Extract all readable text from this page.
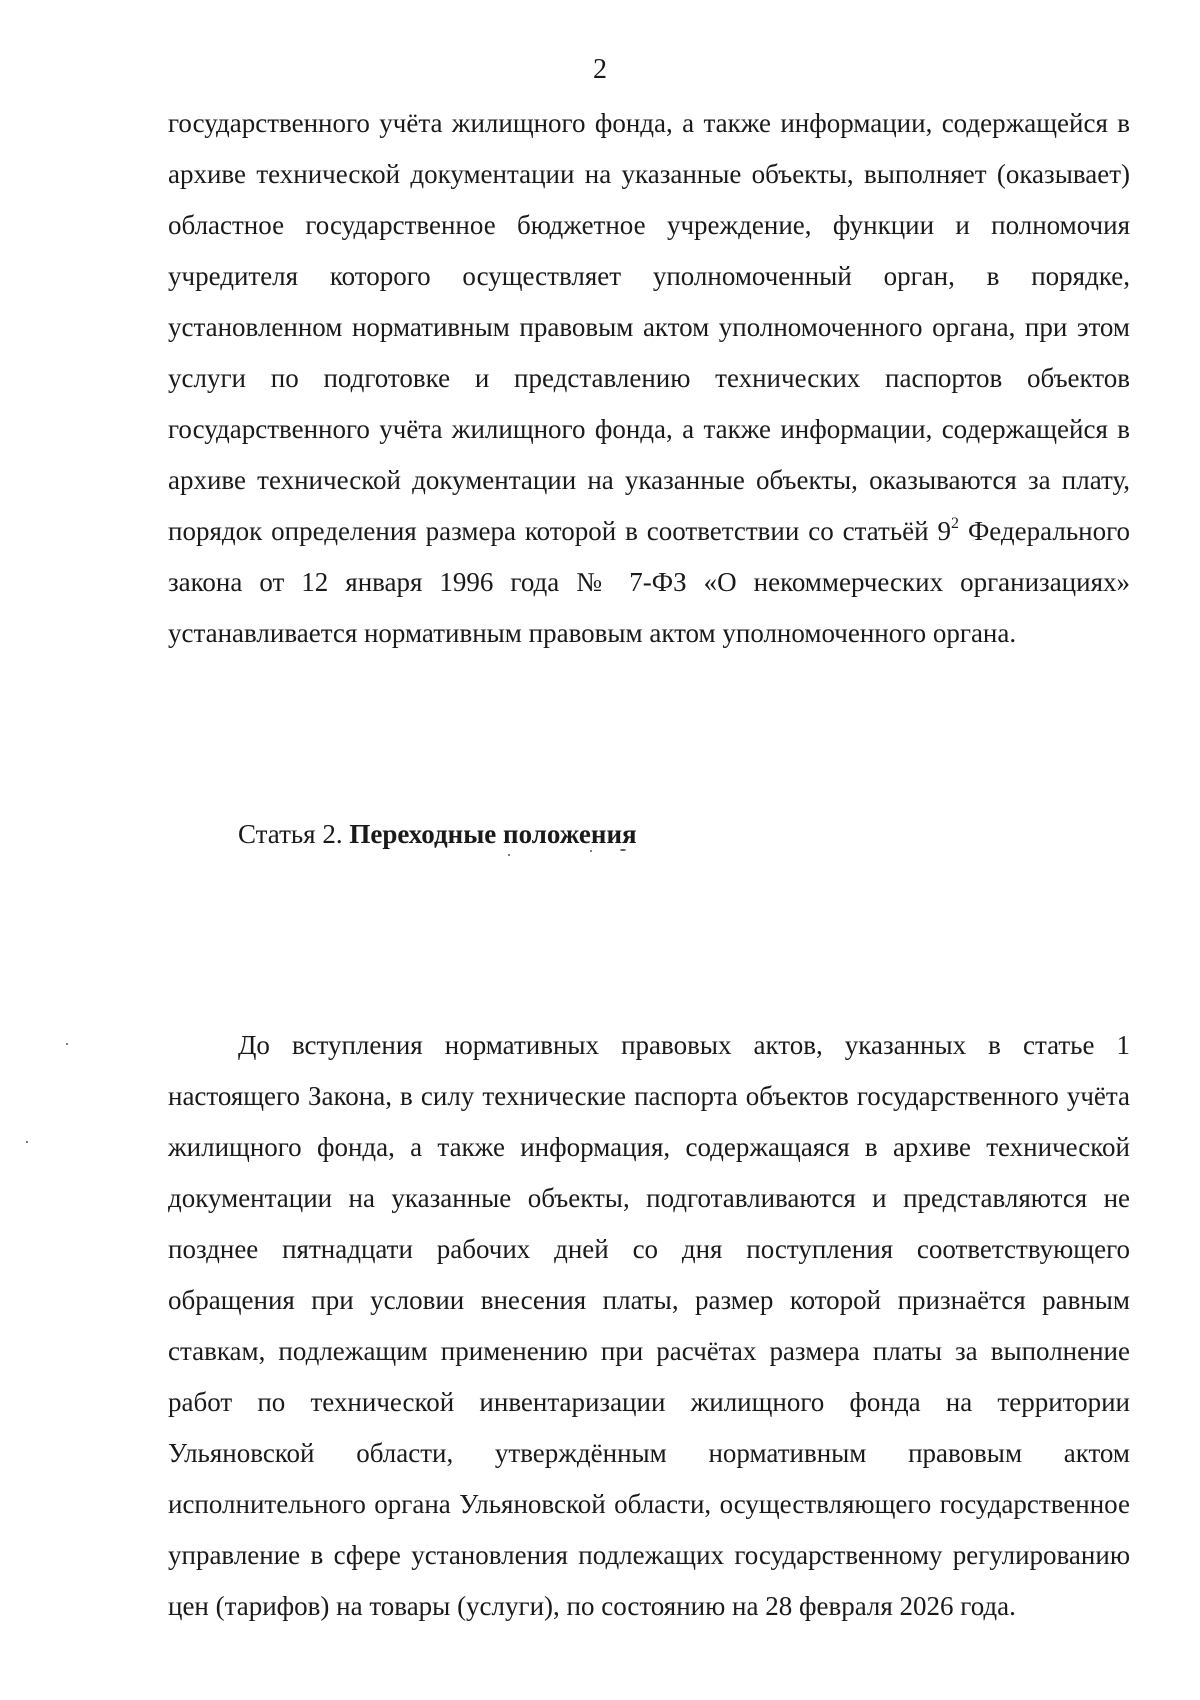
2

государственного учёта жилищного фонда, а также информации, содержащейся в архиве технической документации на указанные объекты, выполняет (оказывает) областное государственное бюджетное учреждение, функции и полномочия учредителя которого осуществляет уполномоченный орган, в порядке, установленном нормативным правовым актом уполномоченного органа, при этом услуги по подготовке и представлению технических паспортов объектов государственного учёта жилищного фонда, а также информации, содержащейся в архиве технической документации на указанные объекты, оказываются за плату, порядок определения размера которой в соответствии со статьёй $9^2$ Федерального закона от 12 января 1996 года № 7-ФЗ «О некоммерческих организациях» устанавливается нормативным правовым актом уполномоченного органа.

Статья 2. Переходные положения

До вступления нормативных правовых актов, указанных в статье 1 настоящего Закона, в силу технические паспорта объектов государственного учёта жилищного фонда, а также информация, содержащаяся в архиве технической документации на указанные объекты, подготавливаются и представляются не позднее пятнадцати рабочих дней со дня поступления соответствующего обращения при условии внесения платы, размер которой признаётся равным ставкам, подлежащим применению при расчётах размера платы за выполнение работ по технической инвентаризации жилищного фонда на территории Ульяновской области, утверждённым нормативным правовым актом исполнительного органа Ульяновской области, осуществляющего государственное управление в сфере установления подлежащих государственному регулированию цен (тарифов) на товары (услуги), по состоянию на 28 февраля 2026 года.
